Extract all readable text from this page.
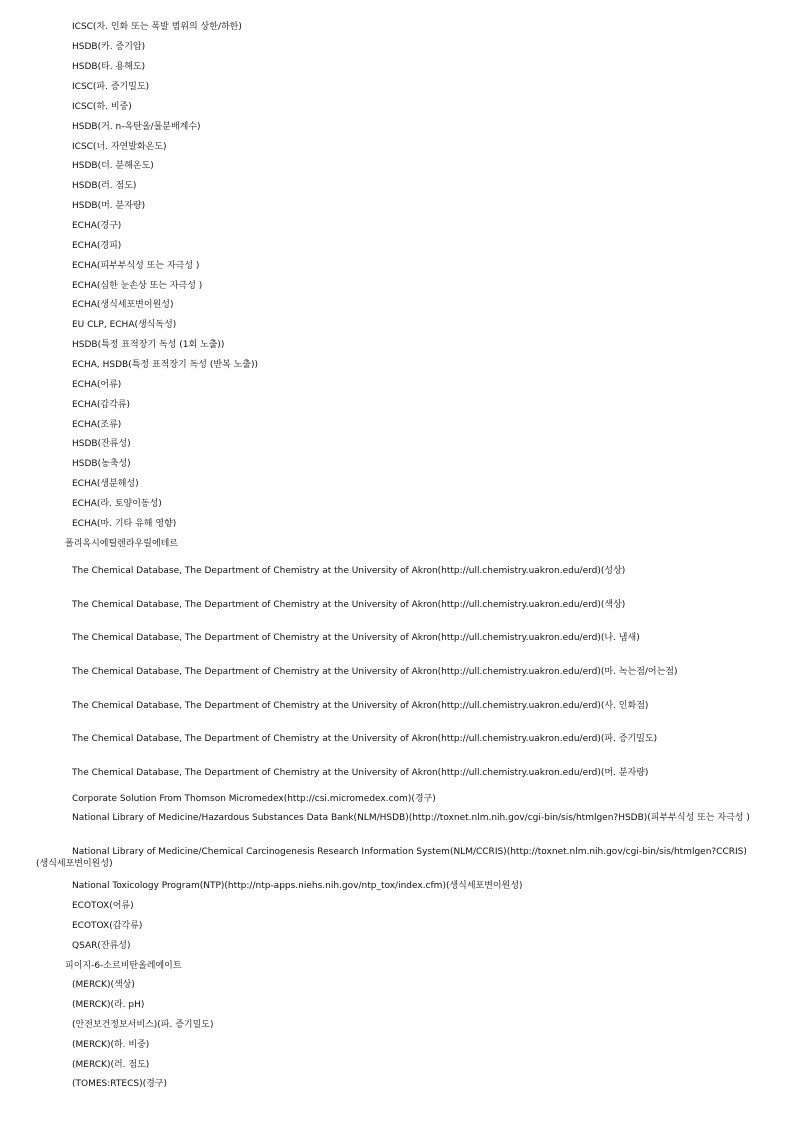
ICSC(차. 인화 또는 폭발 범위의 상한/하한)
HSDB(카. 증기압)
HSDB(타. 용해도)
ICSC(파. 증기밀도)
ICSC(하. 비중)
HSDB(거. n-옥탄올/물분배계수)
ICSC(너. 자연발화온도)
HSDB(더. 분해온도)
HSDB(러. 점도)
HSDB(머. 분자량)
ECHA(경구)
ECHA(경피)
ECHA(피부부식성 또는 자극성 )
ECHA(심한 눈손상 또는 자극성 )
ECHA(생식세포변이원성)
EU CLP, ECHA(생식독성)
HSDB(특정 표적장기 독성 (1회 노출))
ECHA, HSDB(특정 표적장기 독성 (반복 노출))
ECHA(어류)
ECHA(갑각류)
ECHA(조류)
HSDB(잔류성)
HSDB(농축성)
ECHA(생분해성)
ECHA(라. 토양이동성)
ECHA(마. 기타 유해 영향)
폴리옥시에틸렌라우릴에테르
The Chemical Database, The Department of Chemistry at the University of Akron(http://ull.chemistry.uakron.edu/erd)(성상)
The Chemical Database, The Department of Chemistry at the University of Akron(http://ull.chemistry.uakron.edu/erd)(색상)
The Chemical Database, The Department of Chemistry at the University of Akron(http://ull.chemistry.uakron.edu/erd)(나. 냄새)
The Chemical Database, The Department of Chemistry at the University of Akron(http://ull.chemistry.uakron.edu/erd)(마. 녹는점/어는점)
The Chemical Database, The Department of Chemistry at the University of Akron(http://ull.chemistry.uakron.edu/erd)(사. 인화점)
The Chemical Database, The Department of Chemistry at the University of Akron(http://ull.chemistry.uakron.edu/erd)(파. 증기밀도)
The Chemical Database, The Department of Chemistry at the University of Akron(http://ull.chemistry.uakron.edu/erd)(머. 분자량)
Corporate Solution From Thomson Micromedex(http://csi.micromedex.com)(경구)
National Library of Medicine/Hazardous Substances Data Bank(NLM/HSDB)(http://toxnet.nlm.nih.gov/cgi-bin/sis/htmlgen?HSDB)(피부부식성 또는 자극성 )
National Library of Medicine/Chemical Carcinogenesis Research Information System(NLM/CCRIS)(http://toxnet.nlm.nih.gov/cgi-bin/sis/htmlgen?CCRIS)(생식세포변이원성)
National Toxicology Program(NTP)(http://ntp-apps.niehs.nih.gov/ntp_tox/index.cfm)(생식세포변이원성)
ECOTOX(어류)
ECOTOX(갑각류)
QSAR(잔류성)
피이지-6-소르비탄올레에이트
(MERCK)(색상)
(MERCK)(라. pH)
(안전보건정보서비스)(파. 증기밀도)
(MERCK)(하. 비중)
(MERCK)(러. 점도)
(TOMES:RTECS)(경구)
